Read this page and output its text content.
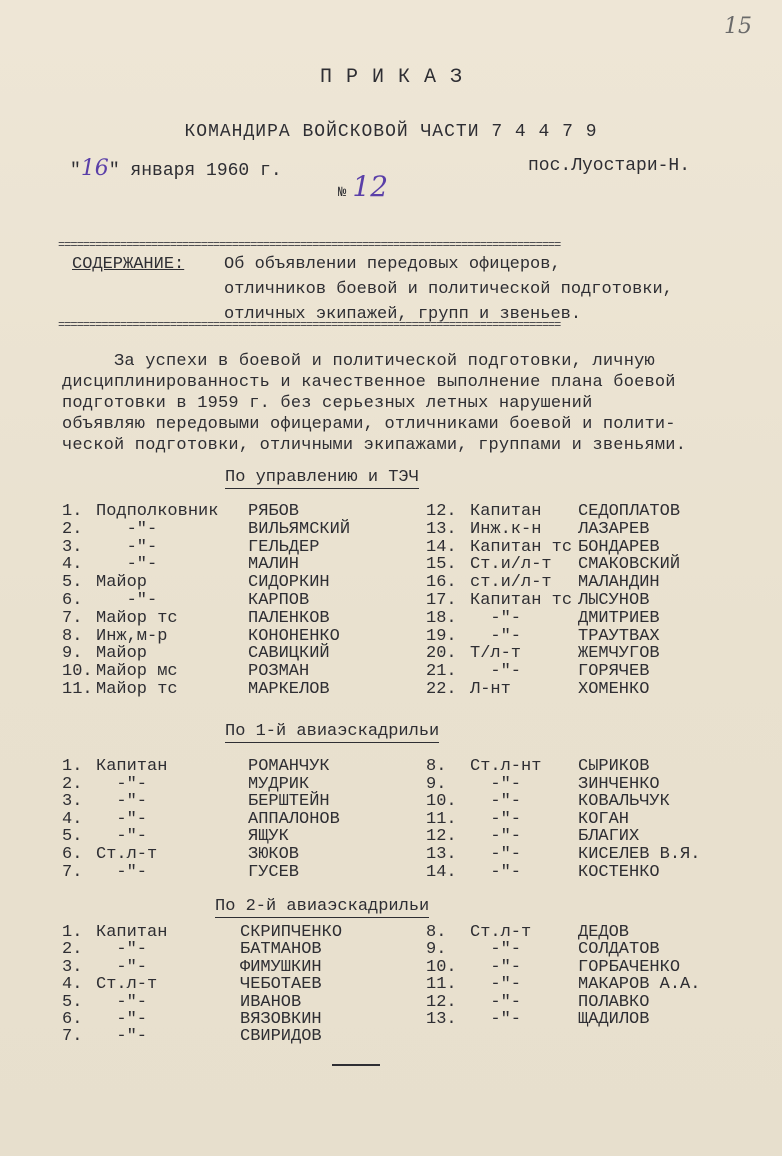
15
ПРИКАЗ
КОМАНДИРА ВОЙСКОВОЙ ЧАСТИ 7 4 4 7 9
"16" января 1960 г.
№ 12
пос.Луостари-Н.
=================================================================================
СОДЕРЖАНИЕ: Об объявлении передовых офицеров,
отличников боевой и политической подготовки,
отличных экипажей, групп и звеньев.
=================================================================================
За успехи в боевой и политической подготовки, личную
дисциплинированность и качественное выполнение плана боевой
подготовки в 1959 г. без серьезных летных нарушений
объявляю передовыми офицерами, отличниками боевой и полити-
ческой подготовки, отличными экипажами, группами и звеньями.
По управлению и ТЭЧ
По 1-й авиаэскадрильи
По 2-й авиаэскадрильи
1. Подполковник РЯБОВ
2. -"-	ВИЛЬЯМСКИЙ
3. -"-	ГЕЛЬДЕР
4. -"-	МАЛИН
5. Майор	СИДОРКИН
6. -"-	КАРПОВ
7. Майор тс	ПАЛЕНКОВ
8. Инж,м-р	КОНОНЕНКО
9. Майор	САВИЦКИЙ
10. Майор мс	РОЗМАН
11. Майор тс	МАРКЕЛОВ
12. Капитан СЕДОПЛАТОВ
13. Инж.к-н ЛАЗАРЕВ
14. Капитан тс БОНДАРЕВ
15. Ст.и/л-т СМАКОВСКИЙ
16. ст.и/л-т МАЛАНДИН
17. Капитан тс ЛЫСУНОВ
18. -"-	ДМИТРИЕВ
19. -"-	ТРАУТВАХ
20. Т/л-т	ЖЕМЧУГОВ
21. -"-	ГОРЯЧЕВ
22. Л-нт	ХОМЕНКО
1. Капитан	РОМАНЧУК
2. -"-	МУДРИК
3. -"-	БЕРШТЕЙН
4. -"-	АППАЛОНОВ
5. -"-	ЯЩУК
6. Ст.л-т	ЗЮКОВ
7. -"-	ГУСЕВ
8. Ст.л-нт СЫРИКОВ
9. -"-	ЗИНЧЕНКО
10. -"-	КОВАЛЬЧУК
11. -"-	КОГАН
12. -"-	БЛАГИХ
13. -"-	КИСЕЛЕВ В.Я.
14. -"-	КОСТЕНКО
1. Капитан	СКРИПЧЕНКО
2. -"-	БАТМАНОВ
3. -"-	ФИМУШКИН
4. Ст.л-т	ЧЕБОТАЕВ
5. -"-	ИВАНОВ
6. -"-	ВЯЗОВКИН
7. -"-	СВИРИДОВ
8. Ст.л-т	ДЕДОВ
9. -"-	СОЛДАТОВ
10. -"-	ГОРБАЧЕНКО
11. -"-	МАКАРОВ А.А.
12. -"-	ПОЛАВКО
13. -"-	ЩАДИЛОВ
